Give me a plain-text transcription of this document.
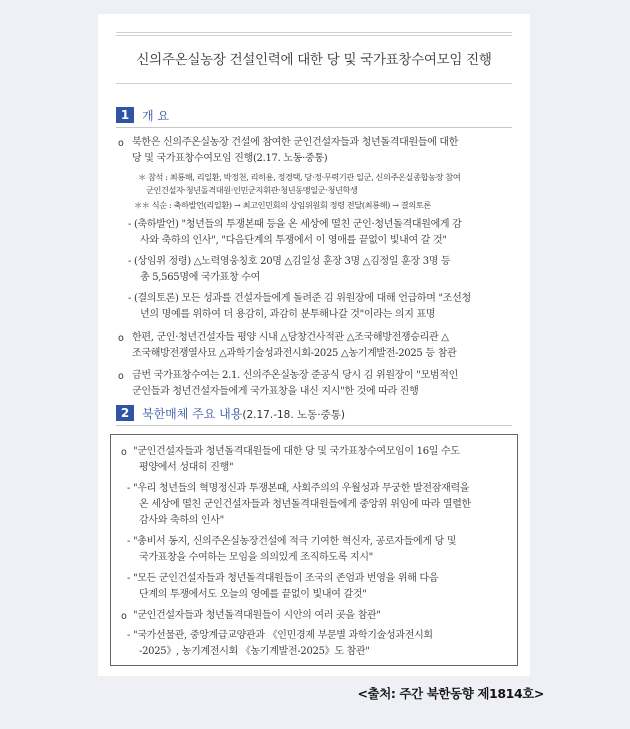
신의주온실농장 건설인력에 대한 당 및 국가표창수여모임 진행
1	개 요
o 북한은 신의주온실농장 건설에 참여한 군인건설자들과 청년돌격대원들에 대한
당 및 국가표창수여모임 진행(2.17. 노동·중통)
＊ 참석 : 최룡해, 리일환, 박정천, 리히용, 정경택, 당·정·무력기관 일군, 신의주온실종합농장 참여
군인건설자·청년돌격대원·인민군지휘관·청년동맹일군·청년학생
＊＊ 식순 : 축하발언(리일환) → 최고인민회의 상임위원회 정령 전달(최룡해) → 결의토론
- (축하발언) "청년들의 투쟁본때 등을 온 세상에 떨친 군인·청년돌격대원에게 감
사와 축하의 인사", "다음단계의 투쟁에서 이 영애를 끝없이 빛내여 갈 것"
- (상임위 정령) △노력영웅칭호 20명 △김일성 훈장 3명 △김정일 훈장 3명 등
총 5,565명에 국가표창 수여
- (결의토론) 모든 성과를 건설자들에게 돌려준 김 위원장에 대해 언급하며 "조선청
년의 명예를 위하여 더 용감히, 과감히 분투해나갈 것"이라는 의지 표명
o 한편, 군인·청년건설자들 평양 시내 △당창건사적관 △조국해방전쟁승리관 △
조국해방전쟁열사묘 △과학기술성과전시회-2025 △농기계발전-2025 등 참관
o 금번 국가표창수여는 2.1. 신의주온실농장 준공식 당시 김 위원장이 "모범적인
군인들과 청년건설자들에게 국가표창을 내신 지시"한 것에 따라 진행
2	북한매체 주요 내용(2.17.-18. 노동·중통)
o "군인건설자들과 청년돌격대원들에 대한 당 및 국가표창수여모임이 16일 수도
평양에서 성대히 진행"
- "우리 청년들의 혁명정신과 투쟁본때, 사회주의의 우월성과 무궁한 발전잠재력을
온 세상에 떨친 군인건설자들과 청년돌격대원들에게 중앙위 위임에 따라 열렬한
감사와 축하의 인사"
- "총비서 동지, 신의주온실농장건설에 적극 기여한 혁신자, 공로자들에게 당 및
국가표창을 수여하는 모임을 의의있게 조직하도록 지시"
- "모든 군인건설자들과 청년돌격대원들이 조국의 존엄과 번영을 위해 다음
단계의 투쟁에서도 오늘의 영예를 끝없이 빛내여 갈것"
o "군인건설자들과 청년돌격대원들이 시안의 여러 곳을 참관"
- "국가선물관, 중앙계급교양관과 《인민경제 부문별 과학기술성과전시회
-2025》, 농기계전시회 《농기계발전-2025》도 참관"
<출처: 주간 북한동향 제1814호>
